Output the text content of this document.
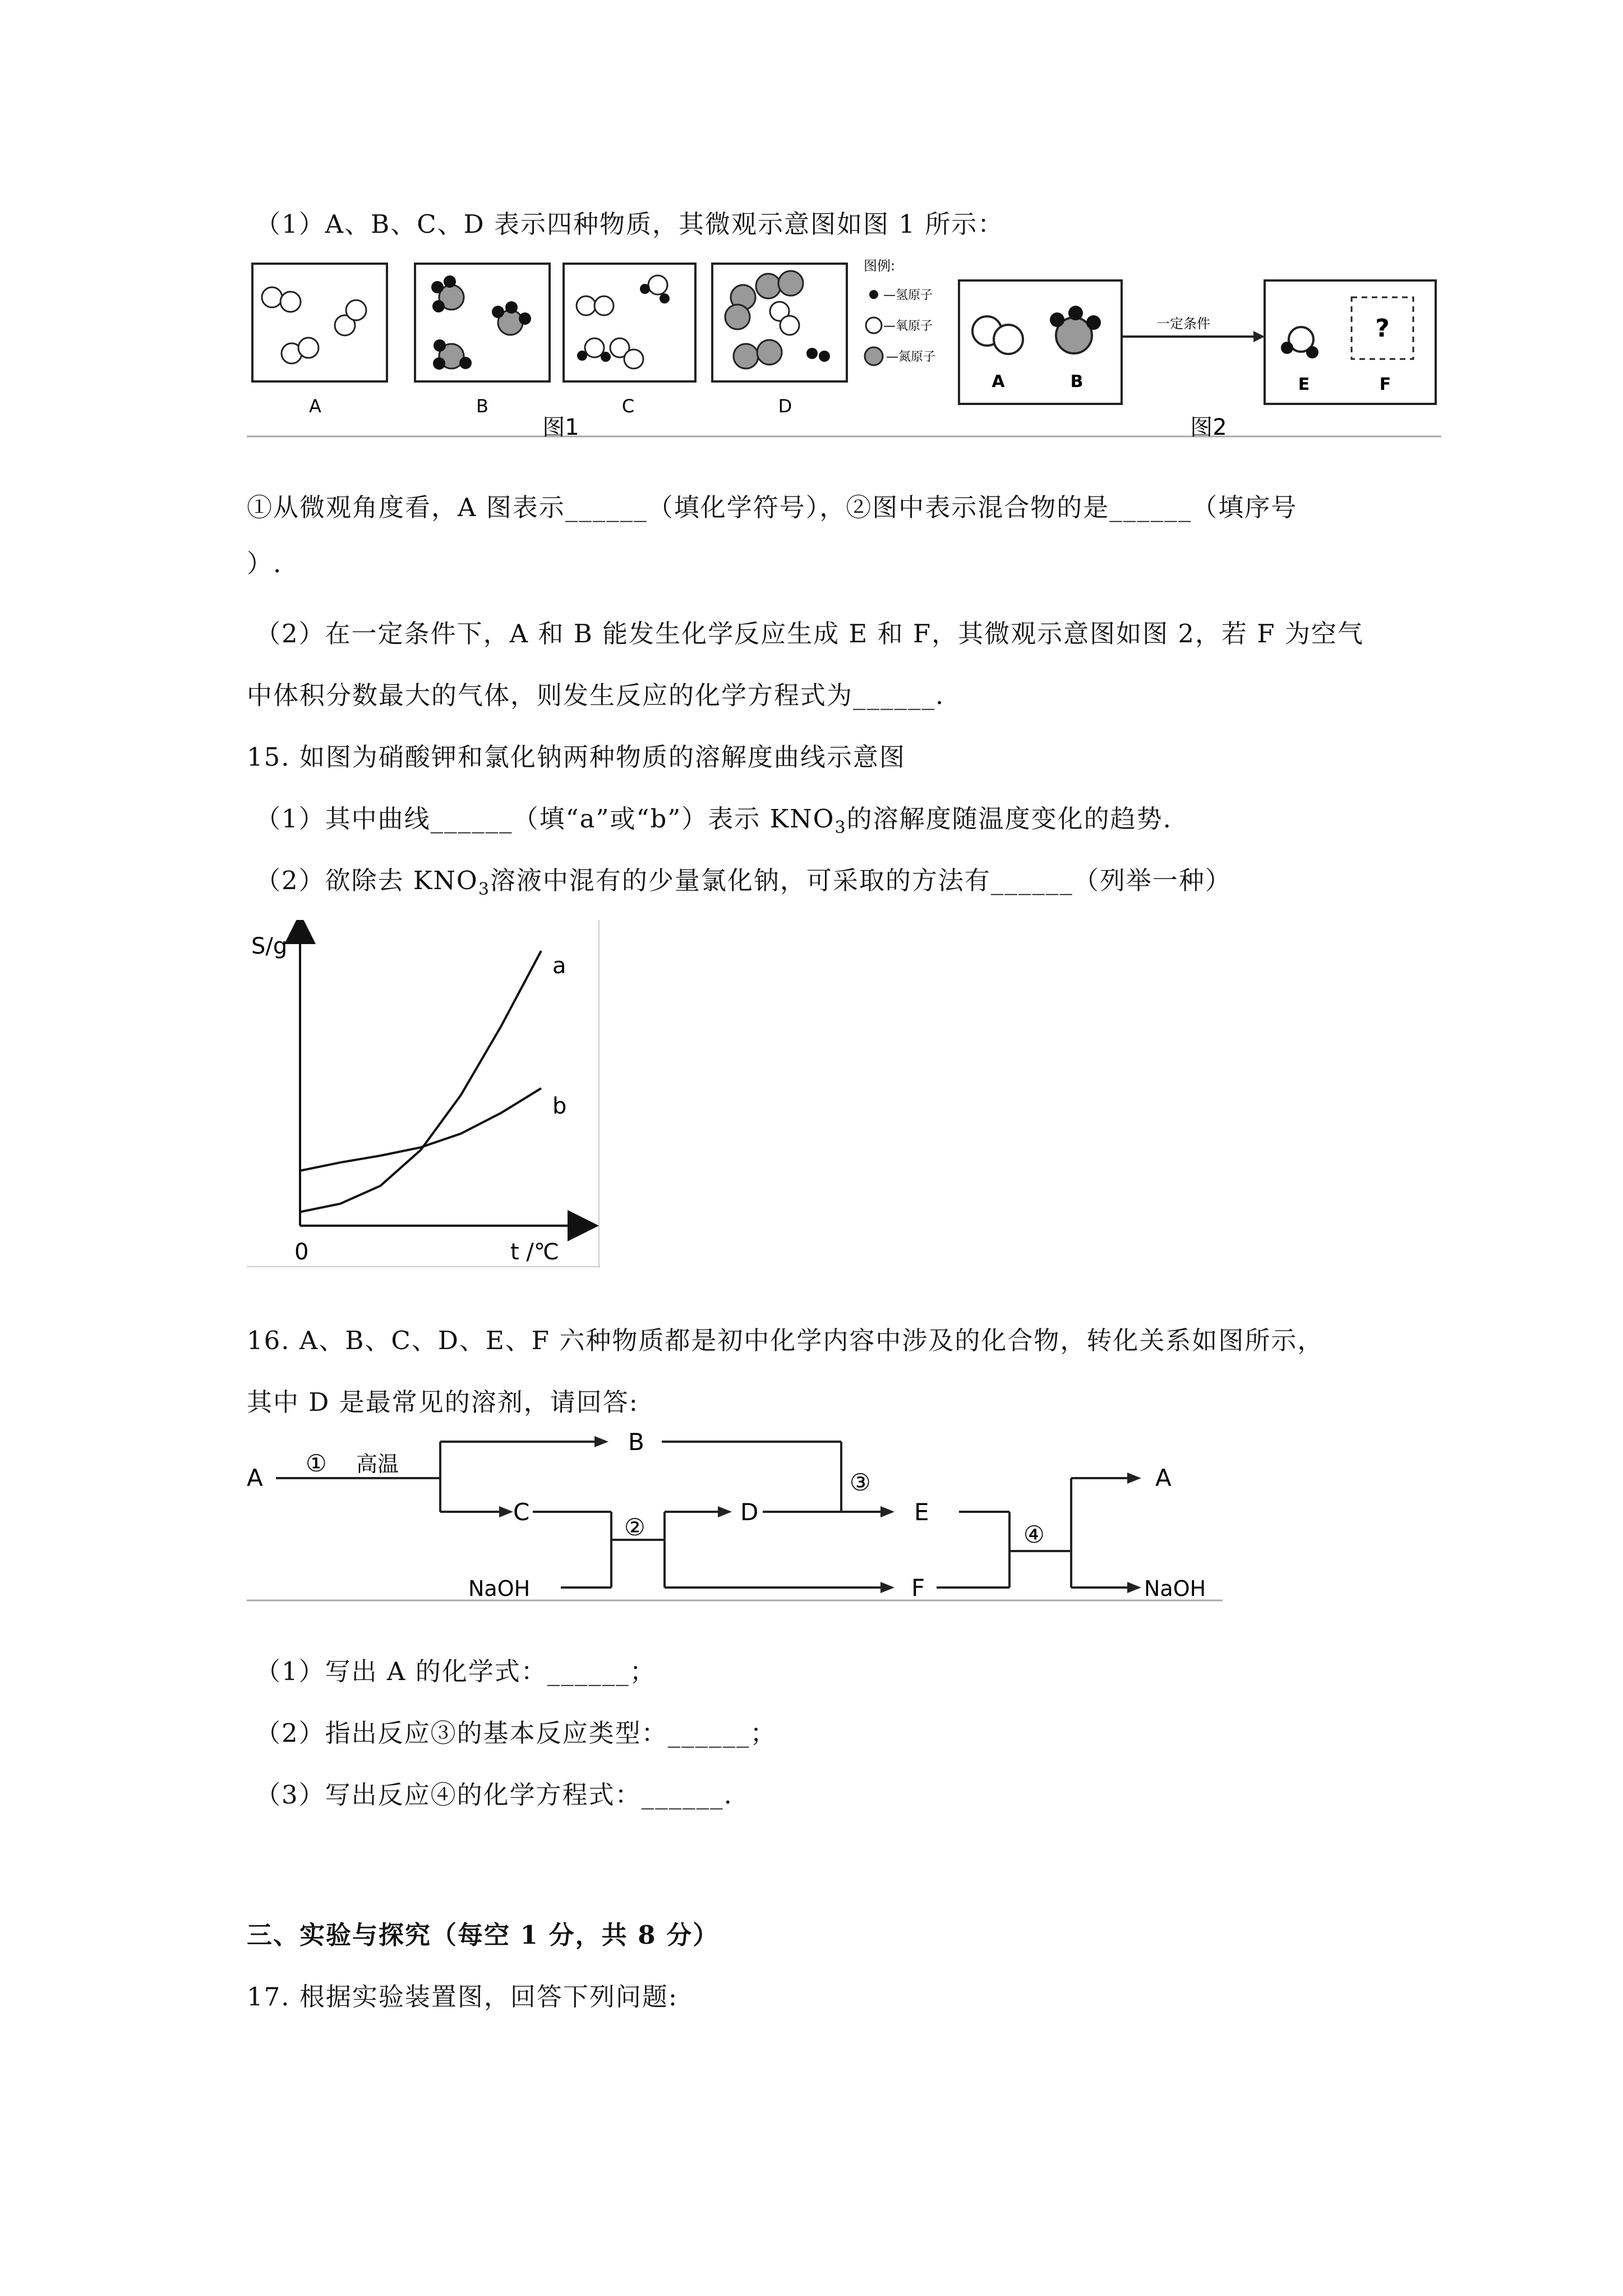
（1）A、B、C、D 表示四种物质，其微观示意图如图 1 所示：
A	B	C	D
图例:
—氢原子
—氧原子
—氮原子
图1
A	B
一定条件	?
E	F
图2
①从微观角度看，A 图表示______（填化学符号），②图中表示混合物的是______（填序号
）.
（2）在一定条件下，A 和 B 能发生化学反应生成 E 和 F，其微观示意图如图 2，若 F 为空气
中体积分数最大的气体，则发生反应的化学方程式为______.
15. 如图为硝酸钾和氯化钠两种物质的溶解度曲线示意图
（1）其中曲线______（填“a”或“b”）表示 $KNO_3$的溶解度随温度变化的趋势.
（2）欲除去 $KNO_3$溶液中混有的少量氯化钠，可采取的方法有______（列举一种）
S/g
t /℃
0
a
b
16. A、B、C、D、E、F 六种物质都是初中化学内容中涉及的化合物，转化关系如图所示，
其中 D 是最常见的溶剂，请回答:
A
① 高温
B
C
NaOH
②
D
③
E
F
④
A
NaOH
（1）写出 A 的化学式：______；
（2）指出反应③的基本反应类型：______；
（3）写出反应④的化学方程式：______.
三、实验与探究（每空 1 分，共 8 分）
17. 根据实验装置图，回答下列问题:
